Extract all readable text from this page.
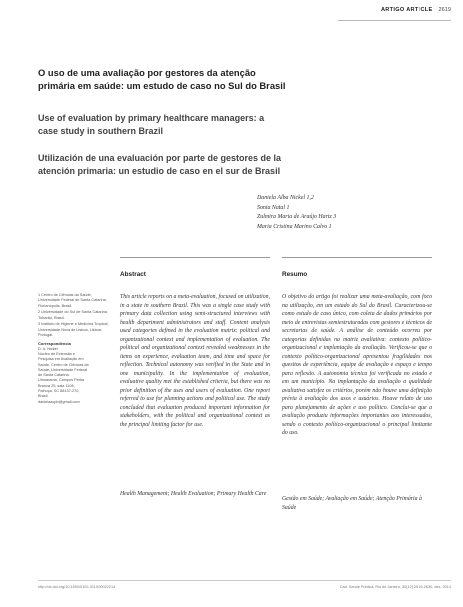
ARTIGO ARTICLE 2619
O uso de uma avaliação por gestores da atenção primária em saúde: um estudo de caso no Sul do Brasil
Use of evaluation by primary healthcare managers: a case study in southern Brazil
Utilización de una evaluación por parte de gestores de la atención primaria: un estudio de caso en el sur de Brasil
Daniela Alba Nickel 1,2
Sonia Natal 1
Zulmira Maria de Araújo Hartz 3
Maria Cristina Marino Calvo 1

1 Centro de Ciências da Saúde, Universidade Federal de Santa Catarina, Florianópolis, Brasil.

2 Universidade do Sul de Santa Catarina, Tubarão, Brasil.

3 Instituto de Higiene e Medicina Tropical, Universidade Nova de Lisboa, Lisboa, Portugal.

Correspondência
D. A. Nickel
Núcleo de Extensão e
Pesquisa em Avaliação em
Saúde, Centro de Ciências da
Saúde, Universidade Federal
de Santa Catarina.
Umuarama, Campus Pedra
Branca 25, sala 1108,
Palhoça, SC 88137-270,
Brasil.
danielaacpb@gmail.com
Abstract	Resumo

This article reports on a meta-evaluation, focused on utilization, in a state in southern Brazil. This was a single case study with primary data collection using semi-structured interviews with health department administrators and staff. Content analysis used categories defined in the evaluation matrix: political and organizational context and implementation of evaluation. The political and organizational context revealed weaknesses in the items on experience, evaluation team, and time and space for reflection. Technical autonomy was verified in the State and in one municipality. In the implementation of evaluation, evaluative quality met the established criteria, but there was no prior definition of the uses and users of evaluation. One report referred to use for planning actions and political use. The study concluded that evaluation produced important information for stakeholders, with the political and organizational context as the principal limiting factor for use.

Health Management; Health Evaluation; Primary Health Care

O objetivo do artigo foi realizar uma meta-avaliação, com foco na utilização, em um estado do Sul do Brasil. Caracterizou-se como estudo de caso único, com coleta de dados primários por meio de entrevistas semiestruturadas com gestores e técnicos de secretarias de saúde. A análise de conteúdo ocorreu por categorias definidas na matriz avaliativa: contexto político-organizacional e implantação da avaliação. Verificou-se que o contexto político-organizacional apresentou fragilidades nos quesitos de experiência, equipe de avaliação e espaço e tempo para reflexão. A autonomia técnica foi verificada no estado e em um município. Na implantação da avaliação a qualidade avaliativa satisfez os critérios, porém não houve uma definição prévia à avaliação dos usos e usuários. Houve relato de uso para planejamento de ações e uso político. Conclui-se que a avaliação produziu informações importantes aos interessados, sendo o contexto político-organizacional o principal limitante do uso.

Gestão em Saúde; Avaliação em Saúde; Atenção Primária à Saúde

http://dx.doi.org/10.1590/0102-311X00022214	Cad. Saúde Pública, Rio de Janeiro, 30(12):2619-2630, dez, 2014
